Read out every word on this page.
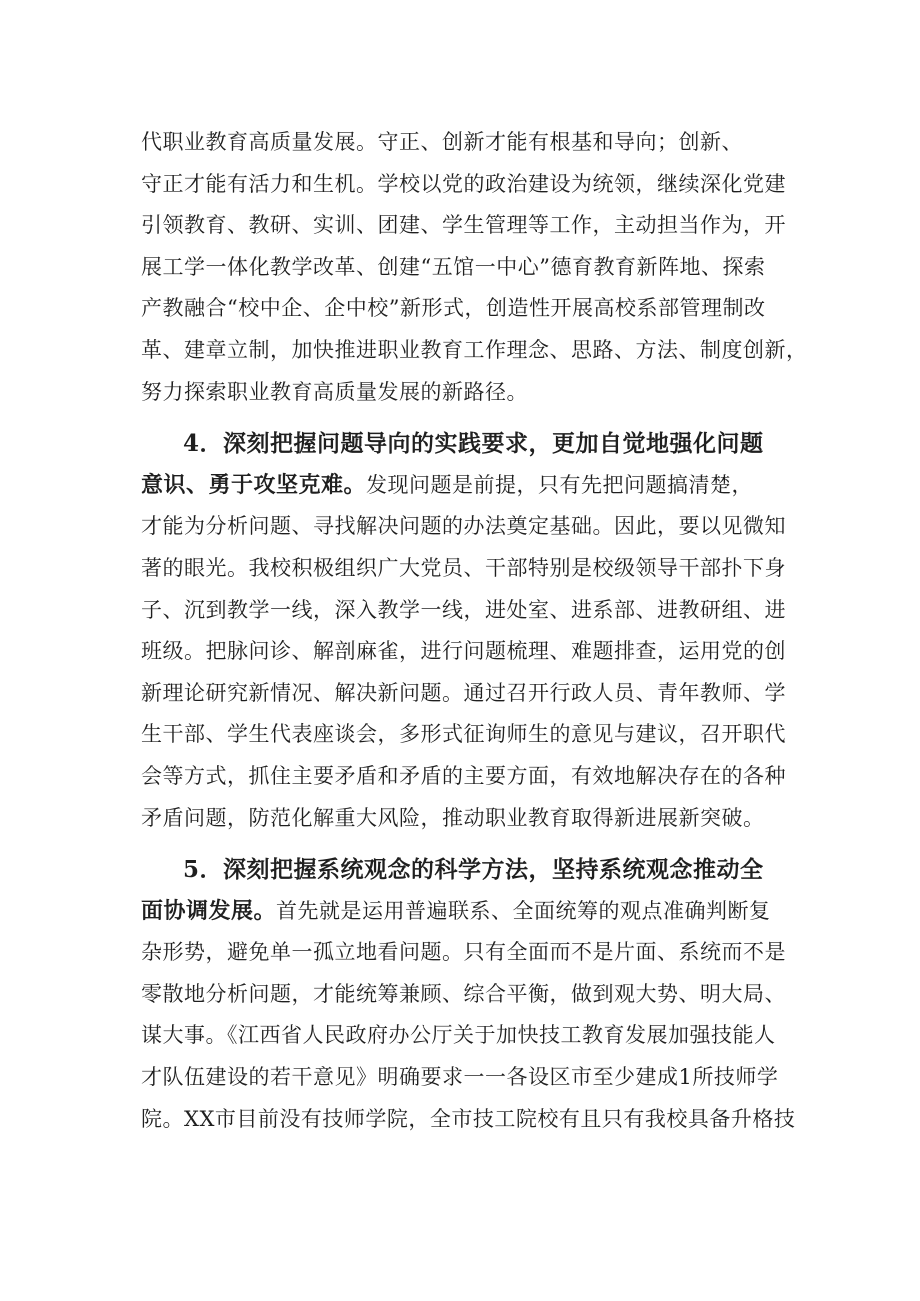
代职业教育高质量发展。守正、创新才能有根基和导向；创新、
守正才能有活力和生机。学校以党的政治建设为统领，继续深化党建
引领教育、教研、实训、团建、学生管理等工作，主动担当作为，开
展工学一体化教学改革、创建“五馆一中心”德育教育新阵地、探索
产教融合“校中企、企中校”新形式，创造性开展高校系部管理制改
革、建章立制，加快推进职业教育工作理念、思路、方法、制度创新，
努力探索职业教育高质量发展的新路径。
4．深刻把握问题导向的实践要求，更加自觉地强化问题
意识、勇于攻坚克难。发现问题是前提，只有先把问题搞清楚，
才能为分析问题、寻找解决问题的办法奠定基础。因此，要以见微知
著的眼光。我校积极组织广大党员、干部特别是校级领导干部扑下身
子、沉到教学一线，深入教学一线，进处室、进系部、进教研组、进
班级。把脉问诊、解剖麻雀，进行问题梳理、难题排查，运用党的创
新理论研究新情况、解决新问题。通过召开行政人员、青年教师、学
生干部、学生代表座谈会，多形式征询师生的意见与建议，召开职代
会等方式，抓住主要矛盾和矛盾的主要方面，有效地解决存在的各种
矛盾问题，防范化解重大风险，推动职业教育取得新进展新突破。
5．深刻把握系统观念的科学方法，坚持系统观念推动全
面协调发展。首先就是运用普遍联系、全面统筹的观点准确判断复
杂形势，避免单一孤立地看问题。只有全面而不是片面、系统而不是
零散地分析问题，才能统筹兼顾、综合平衡，做到观大势、明大局、
谋大事。《江西省人民政府办公厅关于加快技工教育发展加强技能人
才队伍建设的若干意见》明确要求一一各设区市至少建成1所技师学
院。XX市目前没有技师学院，全市技工院校有且只有我校具备升格技
